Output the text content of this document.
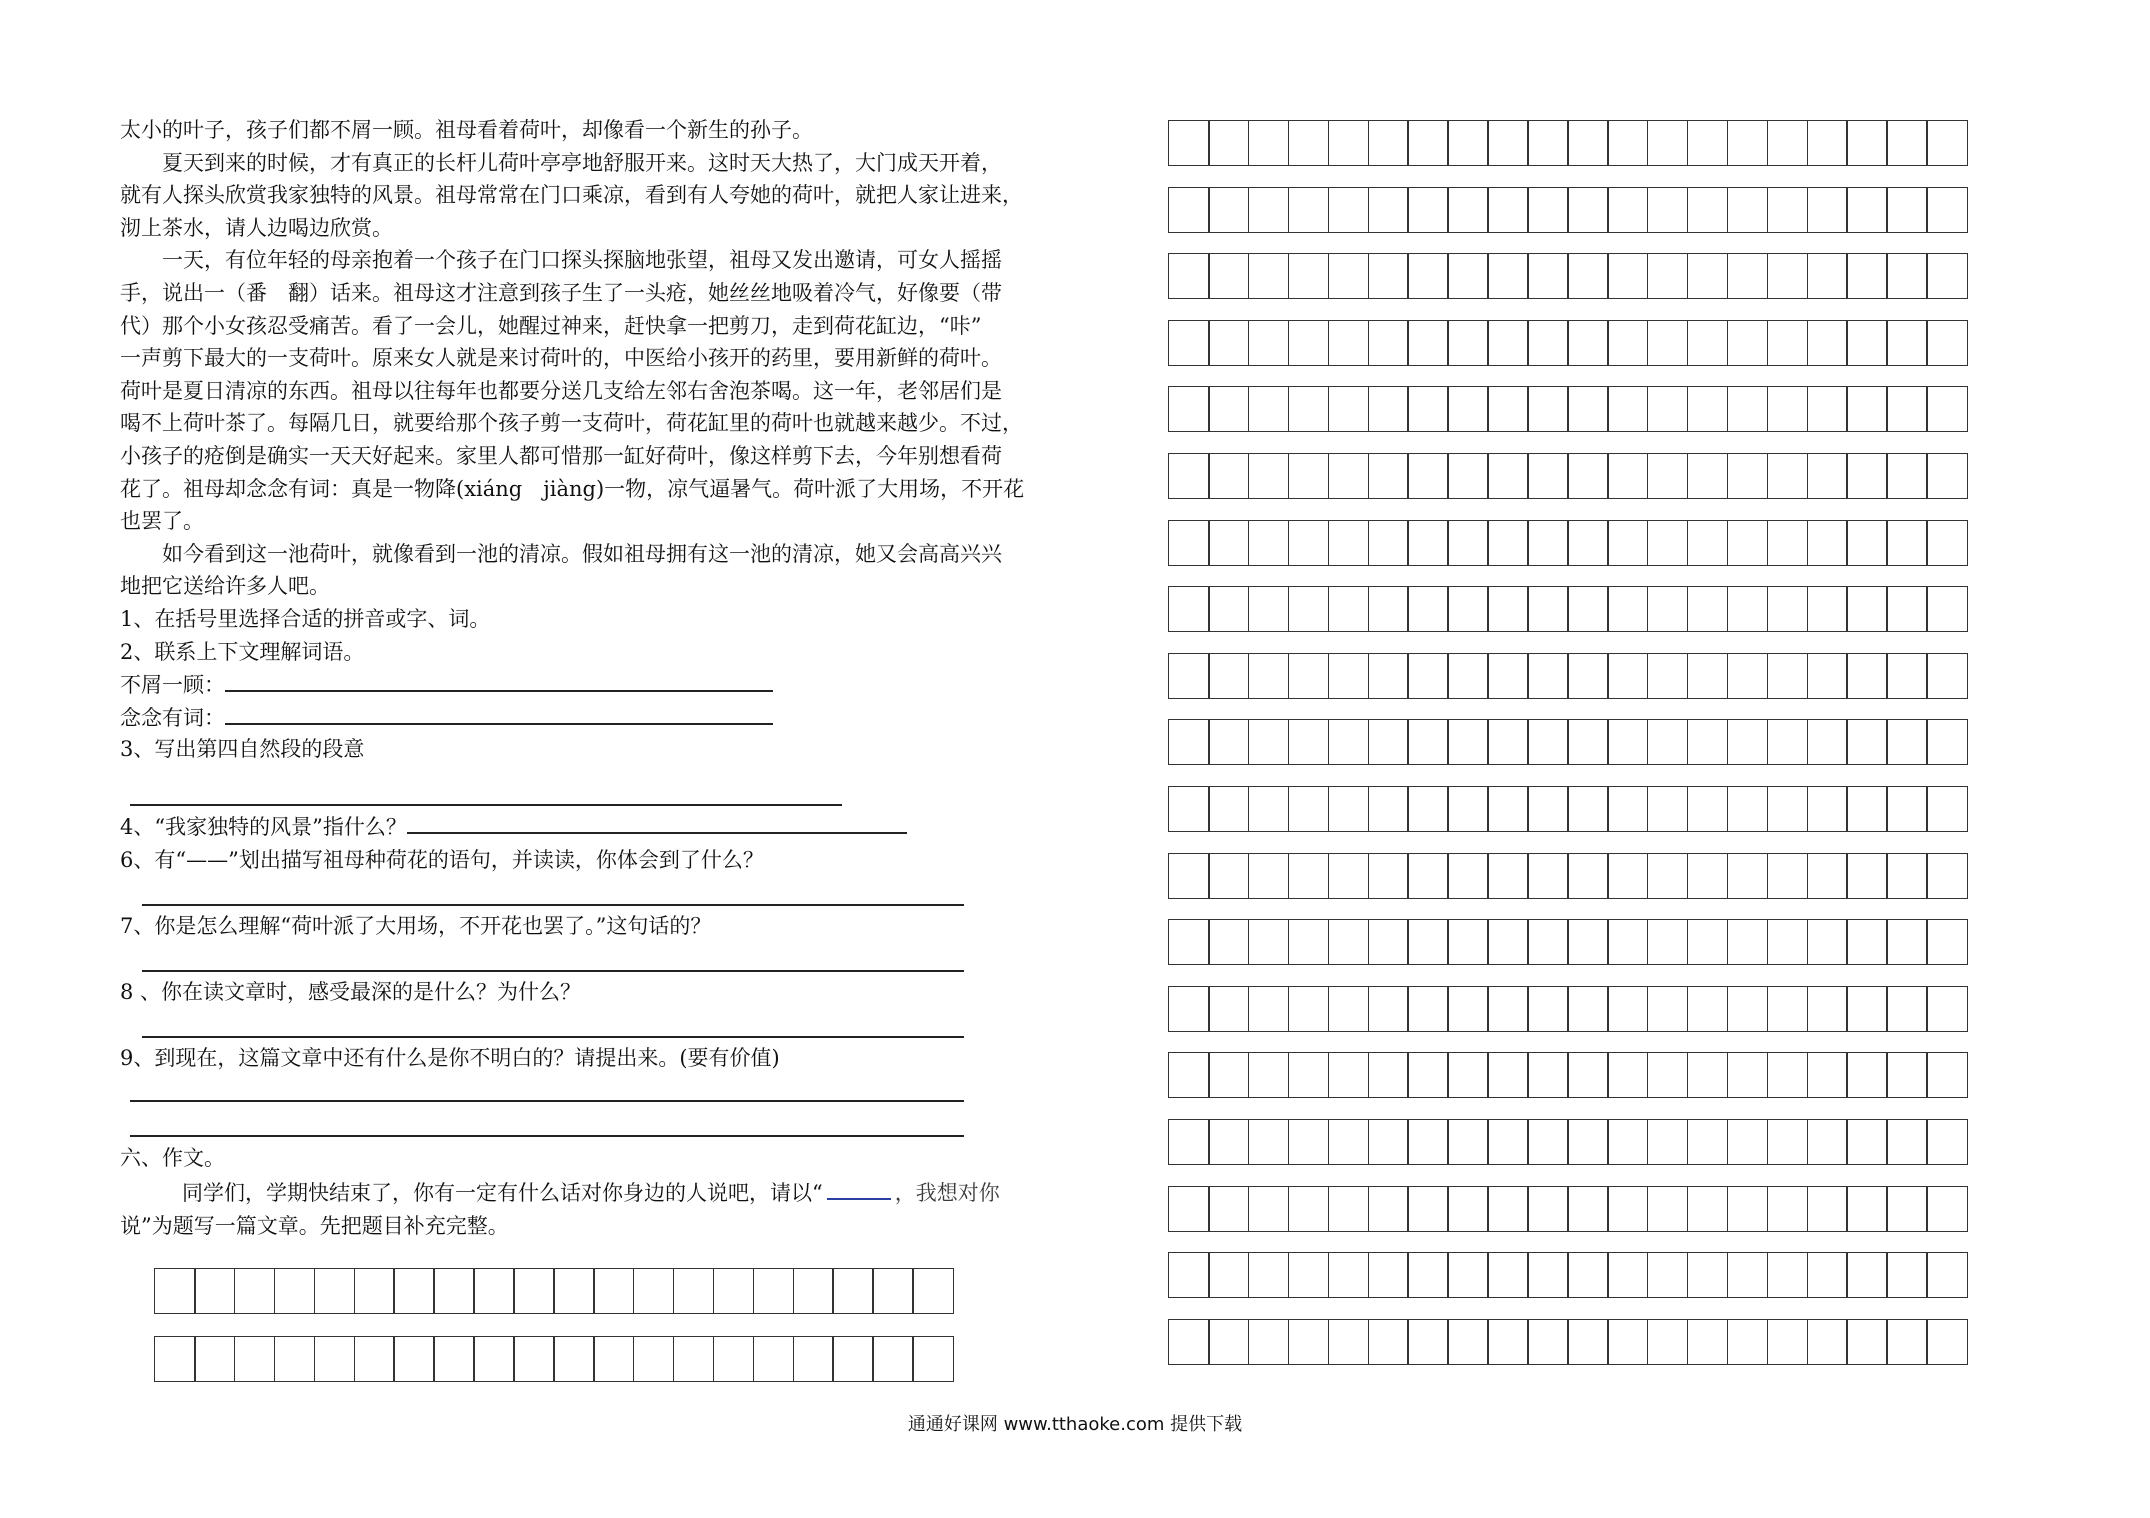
太小的叶子，孩子们都不屑一顾。祖母看着荷叶，却像看一个新生的孙子。
夏天到来的时候，才有真正的长杆儿荷叶亭亭地舒服开来。这时天大热了，大门成天开着，
就有人探头欣赏我家独特的风景。祖母常常在门口乘凉，看到有人夸她的荷叶，就把人家让进来，
沏上茶水，请人边喝边欣赏。
一天，有位年轻的母亲抱着一个孩子在门口探头探脑地张望，祖母又发出邀请，可女人摇摇
手，说出一（番　翻）话来。祖母这才注意到孩子生了一头疮，她丝丝地吸着冷气，好像要（带
代）那个小女孩忍受痛苦。看了一会儿，她醒过神来，赶快拿一把剪刀，走到荷花缸边，“咔”
一声剪下最大的一支荷叶。原来女人就是来讨荷叶的，中医给小孩开的药里，要用新鲜的荷叶。
荷叶是夏日清凉的东西。祖母以往每年也都要分送几支给左邻右舍泡茶喝。这一年，老邻居们是
喝不上荷叶茶了。每隔几日，就要给那个孩子剪一支荷叶，荷花缸里的荷叶也就越来越少。不过，
小孩子的疮倒是确实一天天好起来。家里人都可惜那一缸好荷叶，像这样剪下去，今年别想看荷
花了。祖母却念念有词：真是一物降(xiáng　jiàng)一物，凉气逼暑气。荷叶派了大用场，不开花
也罢了。
如今看到这一池荷叶，就像看到一池的清凉。假如祖母拥有这一池的清凉，她又会高高兴兴
地把它送给许多人吧。
1、在括号里选择合适的拼音或字、词。
2、联系上下文理解词语。
不屑一顾：
念念有词：
3、写出第四自然段的段意
4、“我家独特的风景”指什么？
6、有“——”划出描写祖母种荷花的语句，并读读，你体会到了什么？
7、你是怎么理解“荷叶派了大用场，不开花也罢了。”这句话的？
8 、你在读文章时，感受最深的是什么？为什么？
9、到现在，这篇文章中还有什么是你不明白的？请提出来。(要有价值)
六、作文。
同学们，学期快结束了，你有一定有什么话对你身边的人说吧，请以“	，我想对你
说”为题写一篇文章。先把题目补充完整。
通通好课网 www.tthaoke.com 提供下载
